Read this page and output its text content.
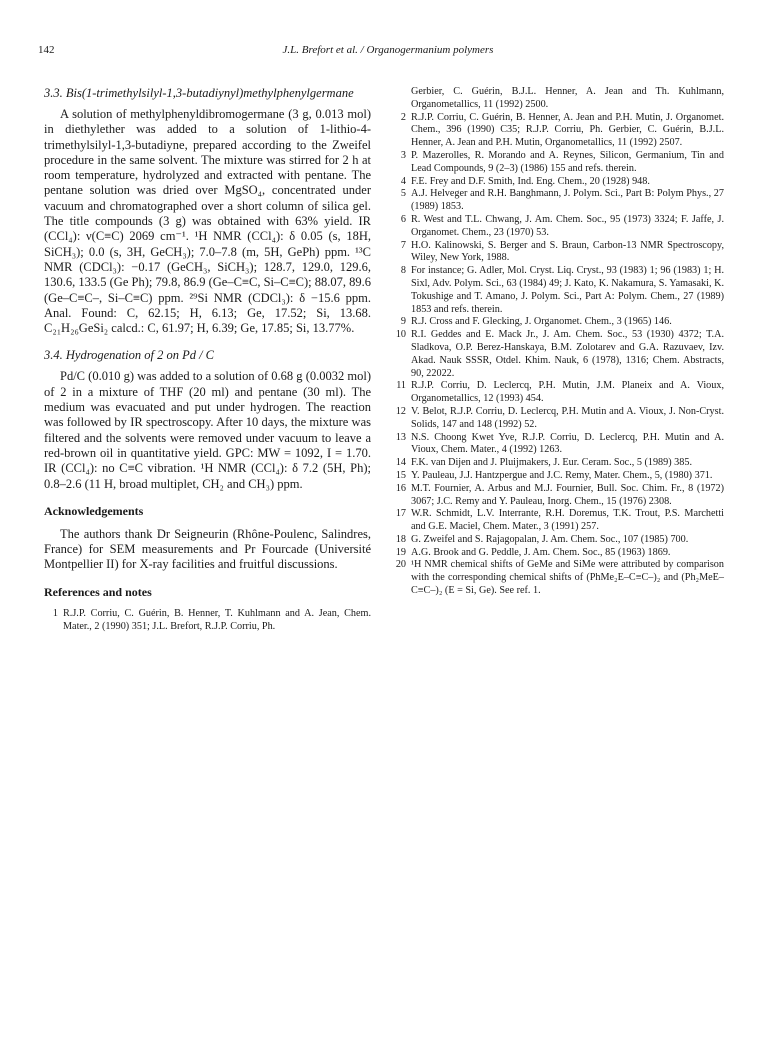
142	J.L. Brefort et al. / Organogermanium polymers

3.3. Bis(1-trimethylsilyl-1,3-butadiynyl)methylphenylgermane

A solution of methylphenyldibromogermane (3 g, 0.013 mol) in diethylether was added to a solution of 1-lithio-4-trimethylsilyl-1,3-butadiyne, prepared according to the Zweifel procedure in the same solvent. The mixture was stirred for 2 h at room temperature, hydrolyzed and extracted with pentane. The pentane solution was dried over MgSO₄, concentrated under vacuum and chromatographed over a short column of silica gel. The title compounds (3 g) was obtained with 63% yield. IR (CCl₄): ν(C≡C) 2069 cm⁻¹. ¹H NMR (CCl₄): δ 0.05 (s, 18H, SiCH₃); 0.0 (s, 3H, GeCH₃); 7.0–7.8 (m, 5H, GePh) ppm. ¹³C NMR (CDCl₃): −0.17 (GeCH₃, SiCH₃); 128.7, 129.0, 129.6, 130.6, 133.5 (Ge Ph); 79.8, 86.9 (Ge–C≡C, Si–C≡C); 88.07, 89.6 (Ge–C≡C–, Si–C≡C) ppm. ²⁹Si NMR (CDCl₃): δ −15.6 ppm. Anal. Found: C, 62.15; H, 6.13; Ge, 17.52; Si, 13.68. C₂₁H₂₆GeSi₂ calcd.: C, 61.97; H, 6.39; Ge, 17.85; Si, 13.77%.

3.4. Hydrogenation of 2 on Pd / C

Pd/C (0.010 g) was added to a solution of 0.68 g (0.0032 mol) of 2 in a mixture of THF (20 ml) and pentane (30 ml). The medium was evacuated and put under hydrogen. The reaction was followed by IR spectroscopy. After 10 days, the mixture was filtered and the solvents were removed under vacuum to leave a red-brown oil in quantitative yield. GPC: MW = 1092, I = 1.70. IR (CCl₄): no C≡C vibration. ¹H NMR (CCl₄): δ 7.2 (5H, Ph); 0.8–2.6 (11 H, broad multiplet, CH₂ and CH₃) ppm.

Acknowledgements

The authors thank Dr Seigneurin (Rhône-Poulenc, Salindres, France) for SEM measurements and Pr Fourcade (Université Montpellier II) for X-ray facilities and fruitful discussions.

References and notes

1 R.J.P. Corriu, C. Guérin, B. Henner, T. Kuhlmann and A. Jean, Chem. Mater., 2 (1990) 351; J.L. Brefort, R.J.P. Corriu, Ph.
Gerbier, C. Guérin, B.J.L. Henner, A. Jean and Th. Kuhlmann, Organometallics, 11 (1992) 2500.
2 R.J.P. Corriu, C. Guérin, B. Henner, A. Jean and P.H. Mutin, J. Organomet. Chem., 396 (1990) C35; R.J.P. Corriu, Ph. Gerbier, C. Guérin, B.J.L. Henner, A. Jean and P.H. Mutin, Organometallics, 11 (1992) 2507.
3 P. Mazerolles, R. Morando and A. Reynes, Silicon, Germanium, Tin and Lead Compounds, 9 (2–3) (1986) 155 and refs. therein.
4 F.E. Frey and D.F. Smith, Ind. Eng. Chem., 20 (1928) 948.
5 A.J. Helveger and R.H. Banghmann, J. Polym. Sci., Part B: Polym Phys., 27 (1989) 1853.
6 R. West and T.L. Chwang, J. Am. Chem. Soc., 95 (1973) 3324; F. Jaffe, J. Organomet. Chem., 23 (1970) 53.
7 H.O. Kalinowski, S. Berger and S. Braun, Carbon-13 NMR Spectroscopy, Wiley, New York, 1988.
8 For instance; G. Adler, Mol. Cryst. Liq. Cryst., 93 (1983) 1; 96 (1983) 1; H. Sixl, Adv. Polym. Sci., 63 (1984) 49; J. Kato, K. Nakamura, S. Yamasaki, K. Tokushige and T. Amano, J. Polym. Sci., Part A: Polym. Chem., 27 (1989) 1853 and refs. therein.
9 R.J. Cross and F. Glecking, J. Organomet. Chem., 3 (1965) 146.
10 R.I. Geddes and E. Mack Jr., J. Am. Chem. Soc., 53 (1930) 4372; T.A. Sladkova, O.P. Berez-Hanskaya, B.M. Zolotarev and G.A. Razuvaev, Izv. Akad. Nauk SSSR, Otdel. Khim. Nauk, 6 (1978), 1316; Chem. Abstracts, 90, 22022.
11 R.J.P. Corriu, D. Leclercq, P.H. Mutin, J.M. Planeix and A. Vioux, Organometallics, 12 (1993) 454.
12 V. Belot, R.J.P. Corriu, D. Leclercq, P.H. Mutin and A. Vioux, J. Non-Cryst. Solids, 147 and 148 (1992) 52.
13 N.S. Choong Kwet Yve, R.J.P. Corriu, D. Leclercq, P.H. Mutin and A. Vioux, Chem. Mater., 4 (1992) 1263.
14 F.K. van Dijen and J. Pluijmakers, J. Eur. Ceram. Soc., 5 (1989) 385.
15 Y. Pauleau, J.J. Hantzpergue and J.C. Remy, Mater. Chem., 5, (1980) 371.
16 M.T. Fournier, A. Arbus and M.J. Fournier, Bull. Soc. Chim. Fr., 8 (1972) 3067; J.C. Remy and Y. Pauleau, Inorg. Chem., 15 (1976) 2308.
17 W.R. Schmidt, L.V. Interrante, R.H. Doremus, T.K. Trout, P.S. Marchetti and G.E. Maciel, Chem. Mater., 3 (1991) 257.
18 G. Zweifel and S. Rajagopalan, J. Am. Chem. Soc., 107 (1985) 700.
19 A.G. Brook and G. Peddle, J. Am. Chem. Soc., 85 (1963) 1869.
20 ¹H NMR chemical shifts of GeMe and SiMe were attributed by comparison with the corresponding chemical shifts of (PhMe₂E–C≡C–)₂ and (Ph₂MeE–C≡C–)₂ (E = Si, Ge). See ref. 1.
